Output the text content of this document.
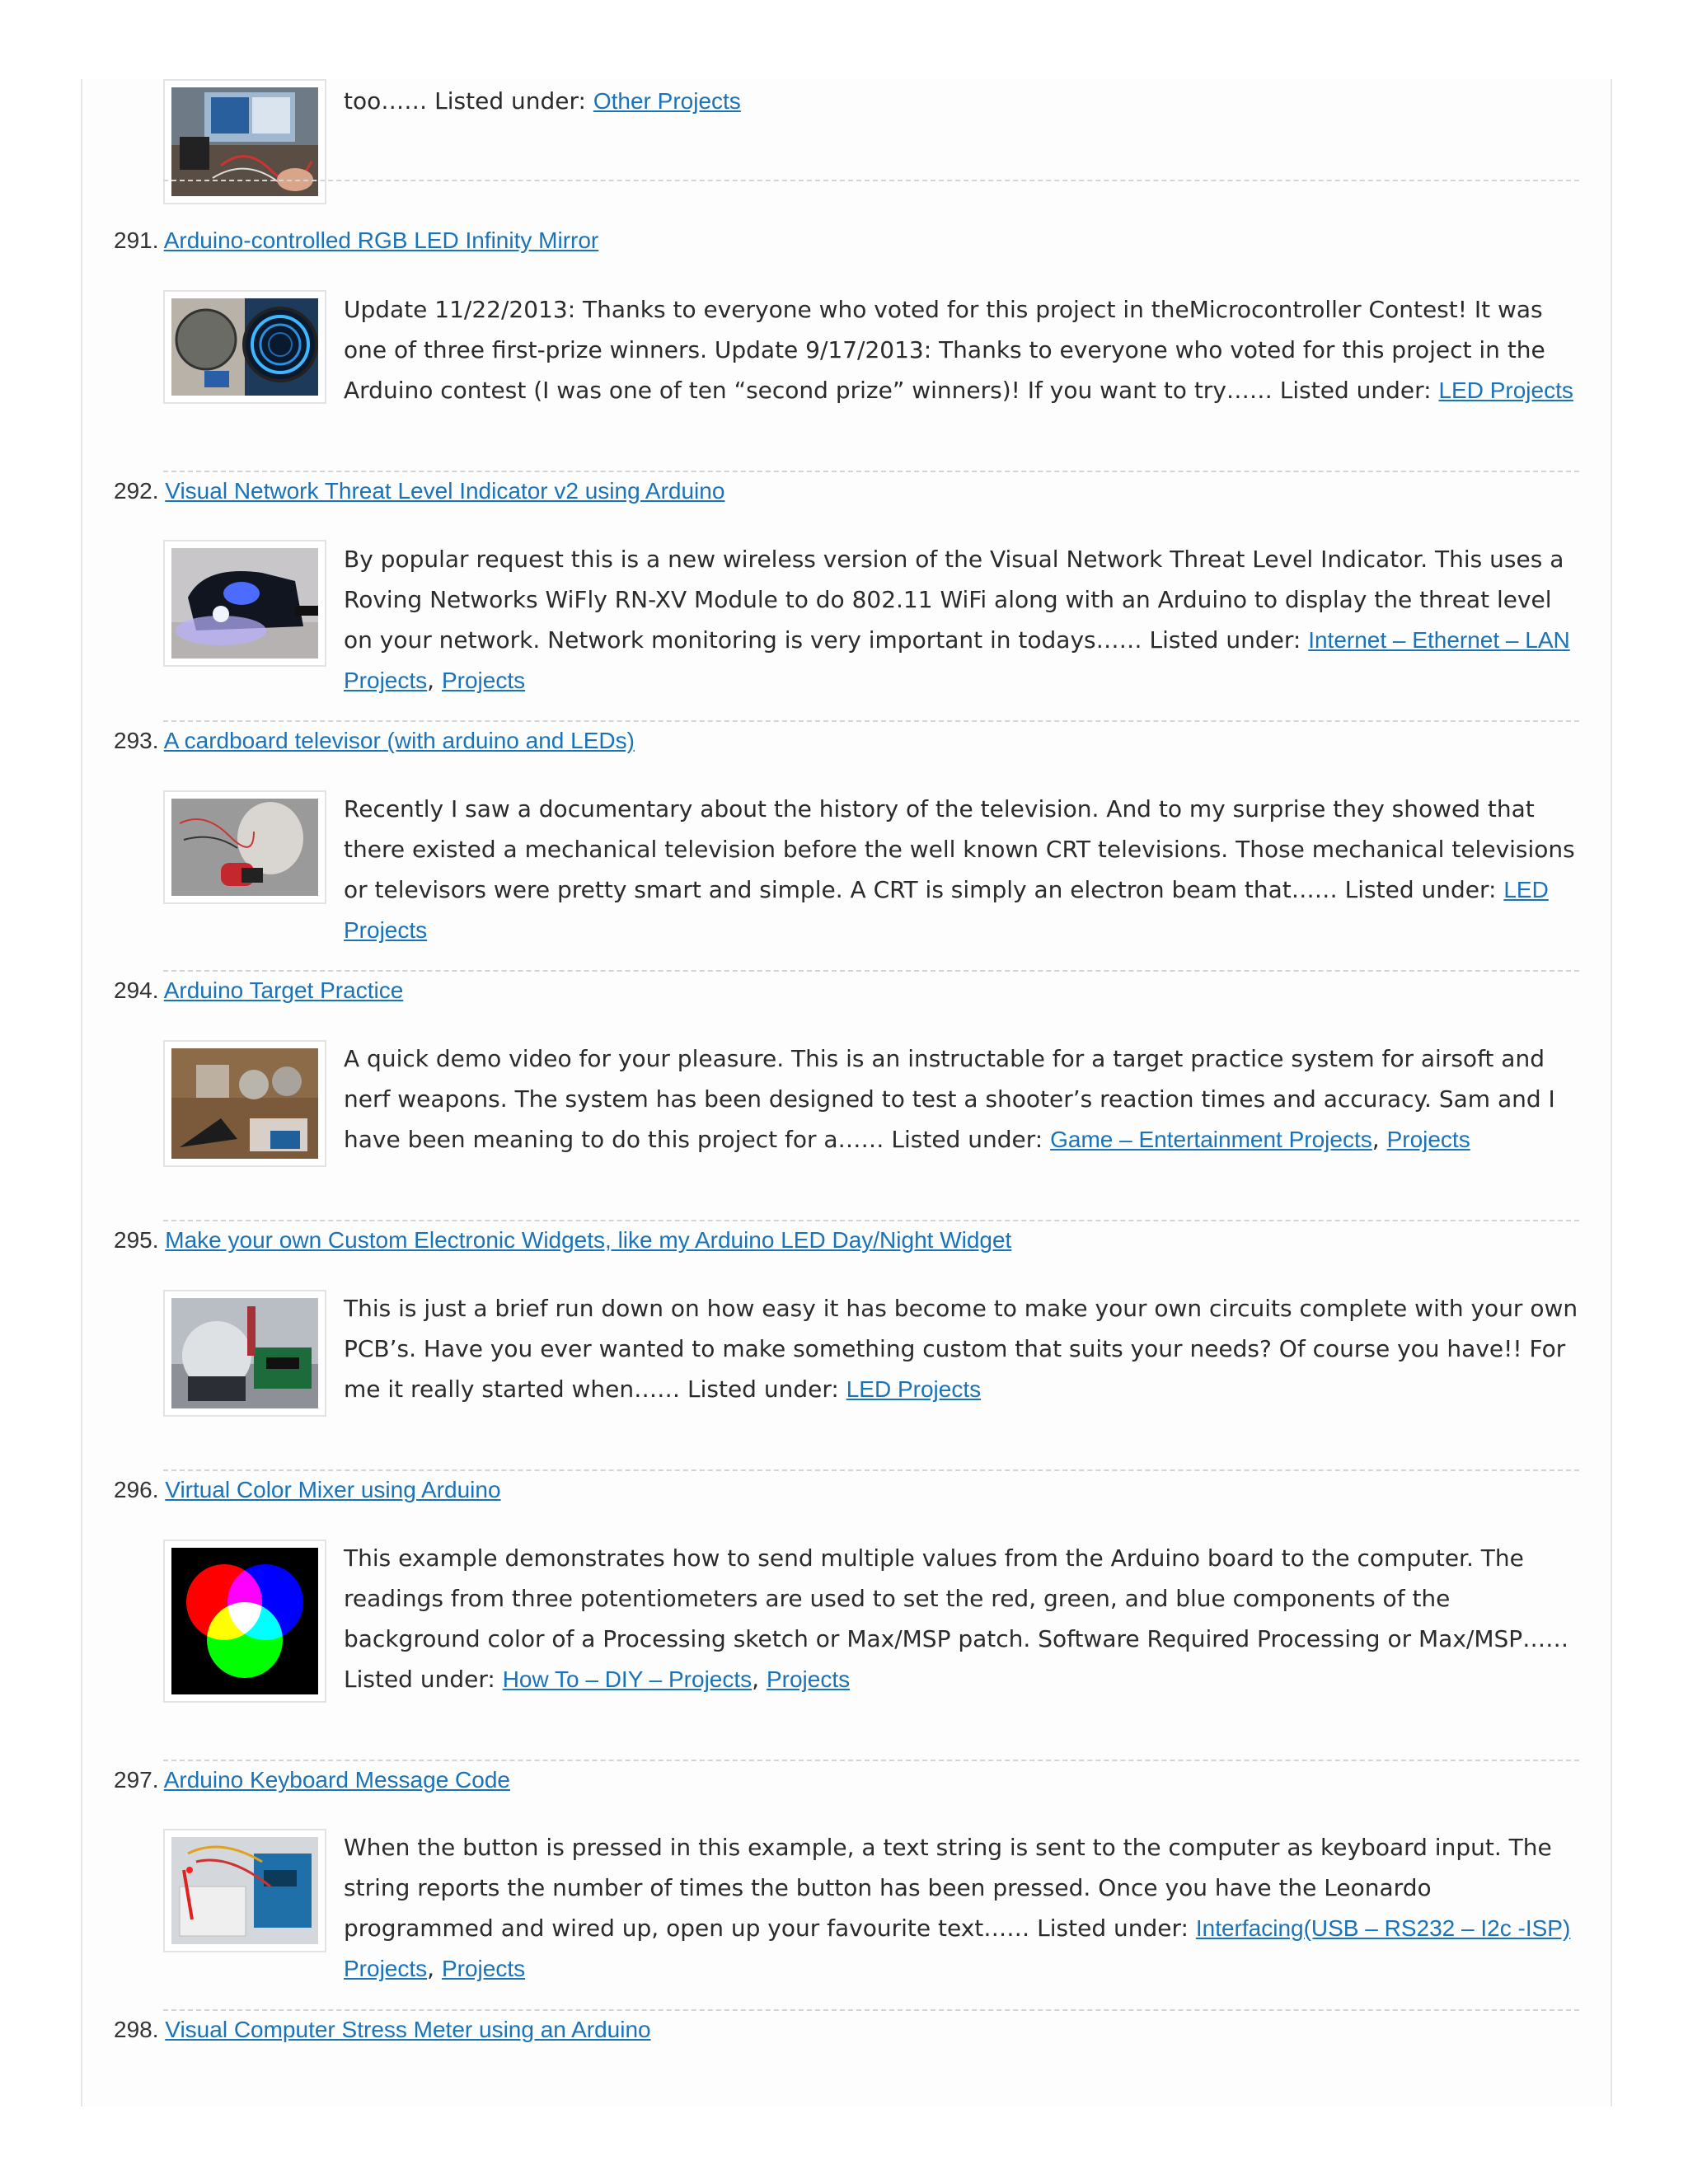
too…… Listed under: Other Projects
291. Arduino-controlled RGB LED Infinity Mirror
Update 11/22/2013: Thanks to everyone who voted for this project in theMicrocontroller Contest! It was one of three first-prize winners. Update 9/17/2013: Thanks to everyone who voted for this project in the Arduino contest (I was one of ten “second prize” winners)! If you want to try…… Listed under: LED Projects
292. Visual Network Threat Level Indicator v2 using Arduino
By popular request this is a new wireless version of the Visual Network Threat Level Indicator. This uses a Roving Networks WiFly RN-XV Module to do 802.11 WiFi along with an Arduino to display the threat level on your network. Network monitoring is very important in todays…… Listed under: Internet – Ethernet – LAN Projects, Projects
293. A cardboard televisor (with arduino and LEDs)
Recently I saw a documentary about the history of the television. And to my surprise they showed that there existed a mechanical television before the well known CRT televisions. Those mechanical televisions or televisors were pretty smart and simple. A CRT is simply an electron beam that…… Listed under: LED Projects
294. Arduino Target Practice
A quick demo video for your pleasure. This is an instructable for a target practice system for airsoft and nerf weapons. The system has been designed to test a shooter’s reaction times and accuracy. Sam and I have been meaning to do this project for a…… Listed under: Game – Entertainment Projects, Projects
295. Make your own Custom Electronic Widgets, like my Arduino LED Day/Night Widget
This is just a brief run down on how easy it has become to make your own circuits complete with your own PCB’s. Have you ever wanted to make something custom that suits your needs? Of course you have!! For me it really started when…… Listed under: LED Projects
296. Virtual Color Mixer using Arduino
This example demonstrates how to send multiple values from the Arduino board to the computer. The readings from three potentiometers are used to set the red, green, and blue components of the background color of a Processing sketch or Max/MSP patch. Software Required Processing or Max/MSP…… Listed under: How To – DIY – Projects, Projects
297. Arduino Keyboard Message Code
When the button is pressed in this example, a text string is sent to the computer as keyboard input. The string reports the number of times the button has been pressed. Once you have the Leonardo programmed and wired up, open up your favourite text…… Listed under: Interfacing(USB – RS232 – I2c -ISP) Projects, Projects
298. Visual Computer Stress Meter using an Arduino
